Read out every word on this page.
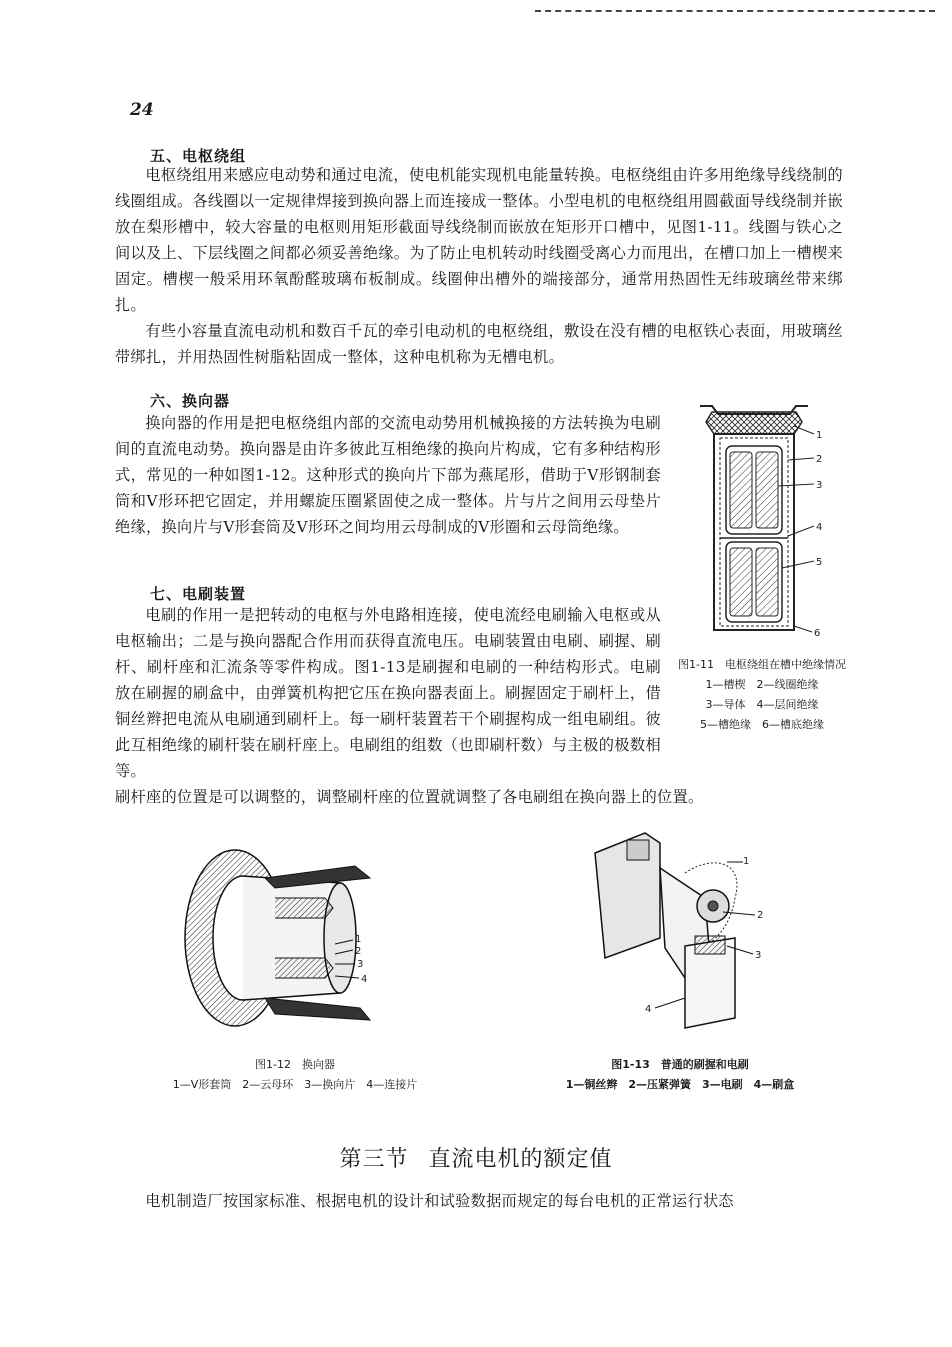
24
五、电枢绕组

电枢绕组用来感应电动势和通过电流，使电机能实现机电能量转换。电枢绕组由许多用绝缘导线绕制的线圈组成。各线圈以一定规律焊接到换向器上而连接成一整体。小型电机的电枢绕组用圆截面导线绕制并嵌放在梨形槽中，较大容量的电枢则用矩形截面导线绕制而嵌放在矩形开口槽中，见图1-11。线圈与铁心之间以及上、下层线圈之间都必须妥善绝缘。为了防止电机转动时线圈受离心力而甩出，在槽口加上一槽楔来固定。槽楔一般采用环氧酚醛玻璃布板制成。线圈伸出槽外的端接部分，通常用热固性无纬玻璃丝带来绑扎。

有些小容量直流电动机和数百千瓦的牵引电动机的电枢绕组，敷设在没有槽的电枢铁心表面，用玻璃丝带绑扎，并用热固性树脂粘固成一整体，这种电机称为无槽电机。

六、换向器

换向器的作用是把电枢绕组内部的交流电动势用机械换接的方法转换为电刷间的直流电动势。换向器是由许多彼此互相绝缘的换向片构成，它有多种结构形式，常见的一种如图1-12。这种形式的换向片下部为燕尾形，借助于V形钢制套筒和V形环把它固定，并用螺旋压圈紧固使之成一整体。片与片之间用云母垫片绝缘，换向片与V形套筒及V形环之间均用云母制成的V形圈和云母筒绝缘。

七、电刷装置

电刷的作用一是把转动的电枢与外电路相连接，使电流经电刷输入电枢或从电枢输出；二是与换向器配合作用而获得直流电压。电刷装置由电刷、刷握、刷杆、刷杆座和汇流条等零件构成。图1-13是刷握和电刷的一种结构形式。电刷放在刷握的刷盒中，由弹簧机构把它压在换向器表面上。刷握固定于刷杆上，借铜丝辫把电流从电刷通到刷杆上。每一刷杆装置若干个刷握构成一组电刷组。彼此互相绝缘的刷杆装在刷杆座上。电刷组的组数（也即刷杆数）与主极的极数相等。

刷杆座的位置是可以调整的，调整刷杆座的位置就调整了各电刷组在换向器上的位置。

1
2
3
4
5
6
图1-11　电枢绕组在槽中绝缘情况
1—槽楔　2—线圈绝缘
3—导体　4—层间绝缘
5—槽绝缘　6—槽底绝缘
1
2
3
4
图1-12　换向器
1—V形套筒　2—云母环　3—换向片　4—连接片
1
2
3
4
图1-13　普通的刷握和电刷
1—铜丝辫　2—压紧弹簧　3—电刷　4—刷盒
第三节 直流电机的额定值

电机制造厂按国家标准、根据电机的设计和试验数据而规定的每台电机的正常运行状态
